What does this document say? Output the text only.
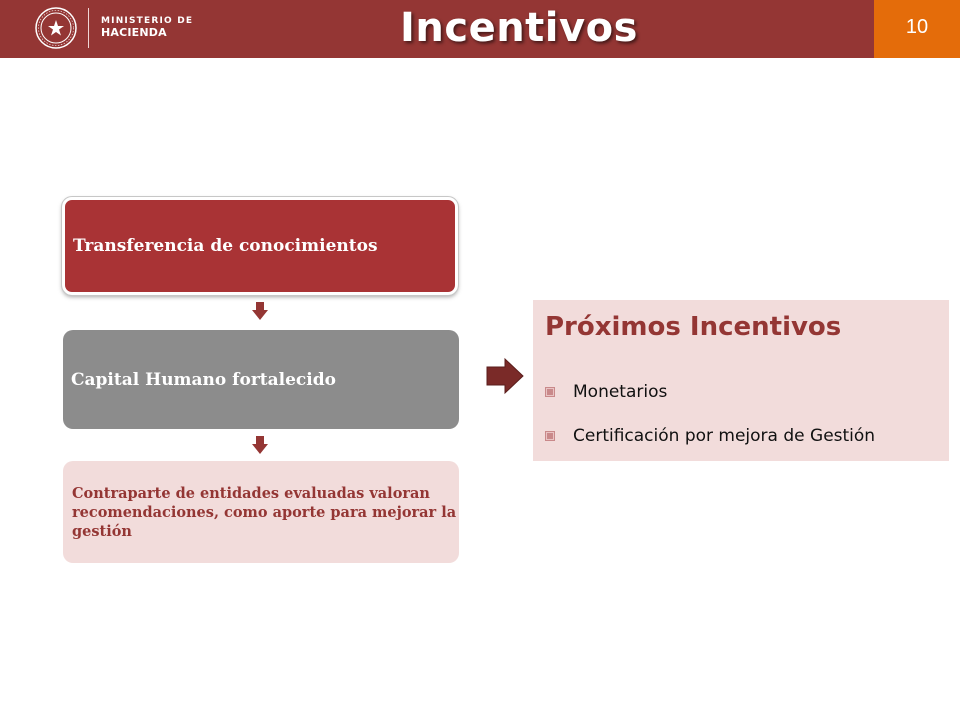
MINISTERIO DE
HACIENDA	Incentivos	10
Transferencia de conocimientos
Capital Humano fortalecido
Contraparte de entidades evaluadas valoran recomendaciones, como aporte para mejorar la gestión
Próximos Incentivos
Monetarios
Certificación por mejora de Gestión
